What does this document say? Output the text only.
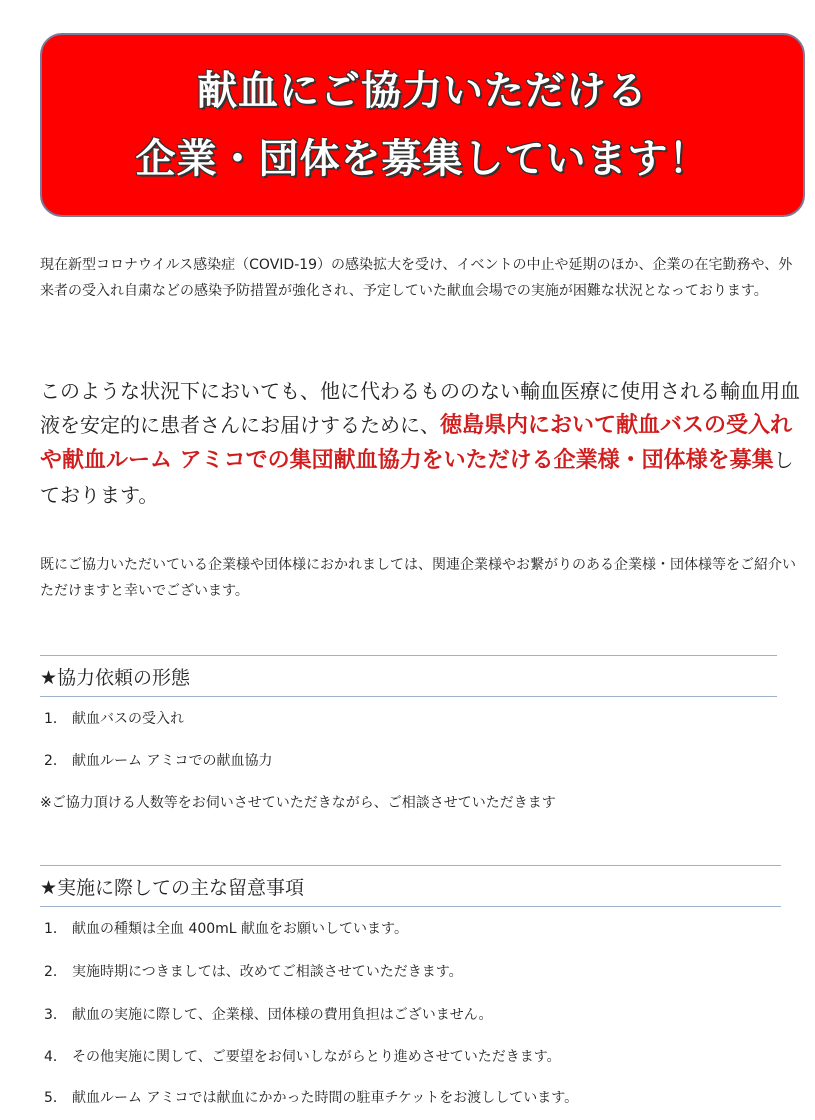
献血にご協力いただける
企業・団体を募集しています！

現在新型コロナウイルス感染症（COVID-19）の感染拡大を受け、イベントの中止や延期のほか、企業の在宅勤務や、外来者の受入れ自粛などの感染予防措置が強化され、予定していた献血会場での実施が困難な状況となっております。

このような状況下においても、他に代わるもののない輸血医療に使用される輸血用血液を安定的に患者さんにお届けするために、徳島県内において献血バスの受入れや献血ルーム アミコでの集団献血協力をいただける企業様・団体様を募集しております。

既にご協力いただいている企業様や団体様におかれましては、関連企業様やお繋がりのある企業様・団体様等をご紹介いただけますと幸いでございます。

★協力依頼の形態
1． 献血バスの受入れ
2． 献血ルーム アミコでの献血協力
※ご協力頂ける人数等をお伺いさせていただきながら、ご相談させていただきます
★実施に際しての主な留意事項
1． 献血の種類は全血 400mL 献血をお願いしています。
2． 実施時期につきましては、改めてご相談させていただきます。
3． 献血の実施に際して、企業様、団体様の費用負担はございません。
4． その他実施に関して、ご要望をお伺いしながらとり進めさせていただきます。
5． 献血ルーム アミコでは献血にかかった時間の駐車チケットをお渡ししています。
